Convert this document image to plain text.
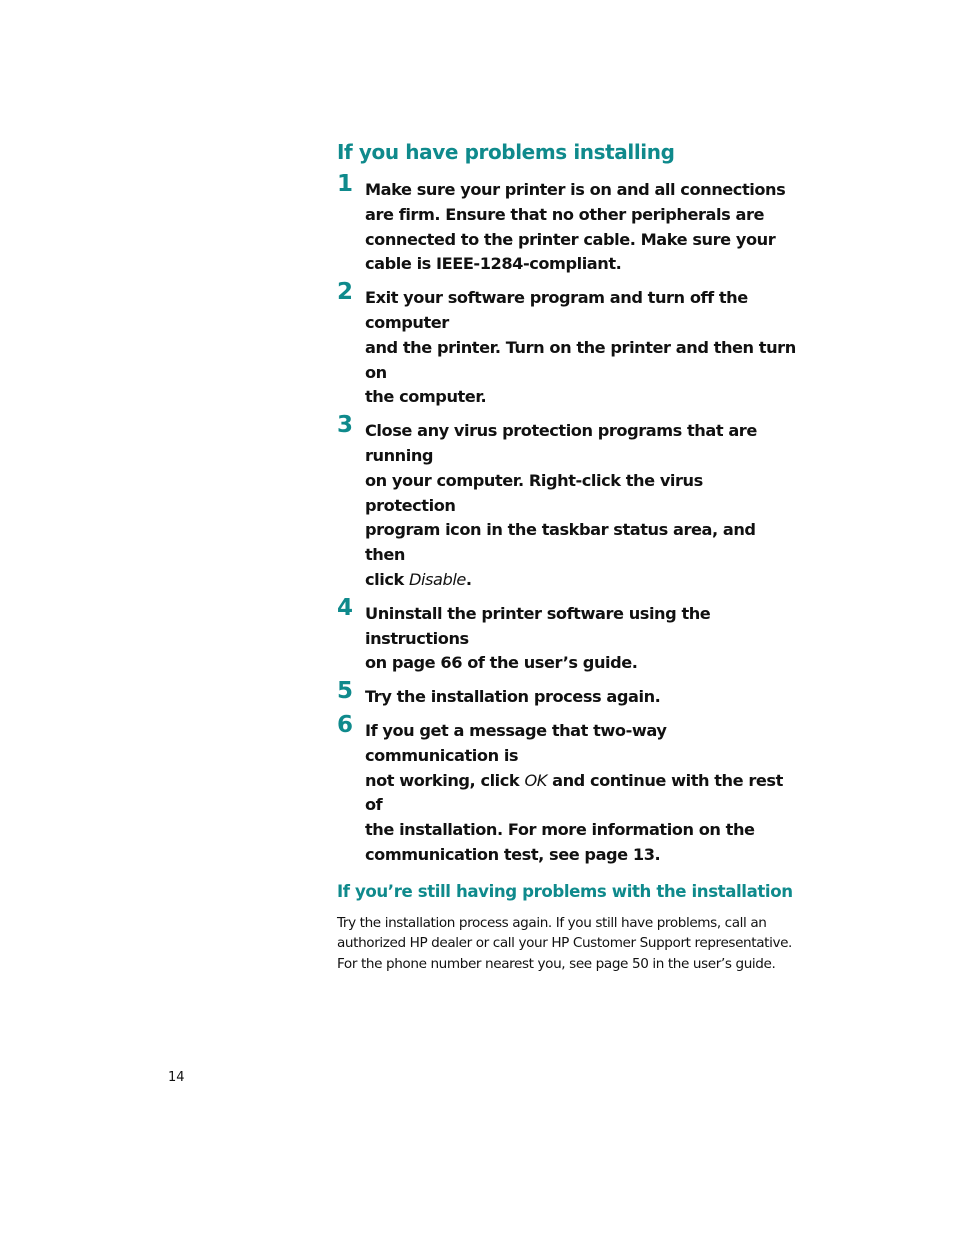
If you have problems installing
1 Make sure your printer is on and all connections
are firm. Ensure that no other peripherals are
connected to the printer cable. Make sure your
cable is IEEE-1284-compliant.

2 Exit your software program and turn off the computer
and the printer. Turn on the printer and then turn on
the computer.

3 Close any virus protection programs that are running
on your computer. Right-click the virus protection
program icon in the taskbar status area, and then
click Disable.

4 Uninstall the printer software using the instructions
on page 66 of the user’s guide.

5 Try the installation process again.

6 If you get a message that two-way communication is
not working, click OK and continue with the rest of
the installation. For more information on the
communication test, see page 13.

If you’re still having problems with the installation

Try the installation process again. If you still have problems, call an
authorized HP dealer or call your HP Customer Support representative.
For the phone number nearest you, see page 50 in the user’s guide.

14
